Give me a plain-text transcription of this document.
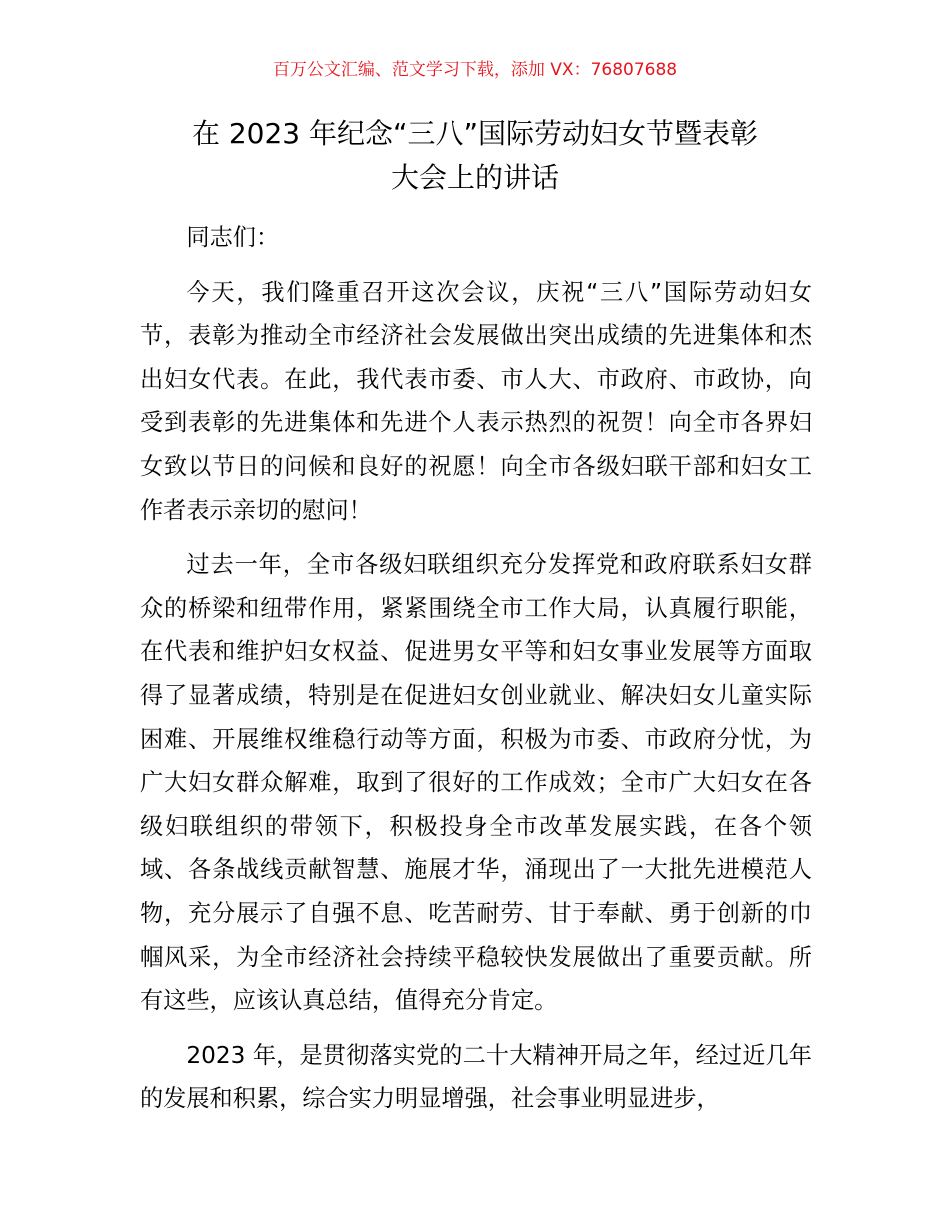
百万公文汇编、范文学习下载，添加 VX：76807688
在 2023 年纪念“三八”国际劳动妇女节暨表彰
大会上的讲话

同志们：

今天，我们隆重召开这次会议，庆祝“三八”国际劳动妇女节，表彰为推动全市经济社会发展做出突出成绩的先进集体和杰出妇女代表。在此，我代表市委、市人大、市政府、市政协，向受到表彰的先进集体和先进个人表示热烈的祝贺！向全市各界妇女致以节日的问候和良好的祝愿！向全市各级妇联干部和妇女工作者表示亲切的慰问！

过去一年，全市各级妇联组织充分发挥党和政府联系妇女群众的桥梁和纽带作用，紧紧围绕全市工作大局，认真履行职能，在代表和维护妇女权益、促进男女平等和妇女事业发展等方面取得了显著成绩，特别是在促进妇女创业就业、解决妇女儿童实际困难、开展维权维稳行动等方面，积极为市委、市政府分忧，为广大妇女群众解难，取到了很好的工作成效；全市广大妇女在各级妇联组织的带领下，积极投身全市改革发展实践，在各个领域、各条战线贡献智慧、施展才华，涌现出了一大批先进模范人物，充分展示了自强不息、吃苦耐劳、甘于奉献、勇于创新的巾帼风采，为全市经济社会持续平稳较快发展做出了重要贡献。所有这些，应该认真总结，值得充分肯定。

2023 年，是贯彻落实党的二十大精神开局之年，经过近几年的发展和积累，综合实力明显增强，社会事业明显进步，
